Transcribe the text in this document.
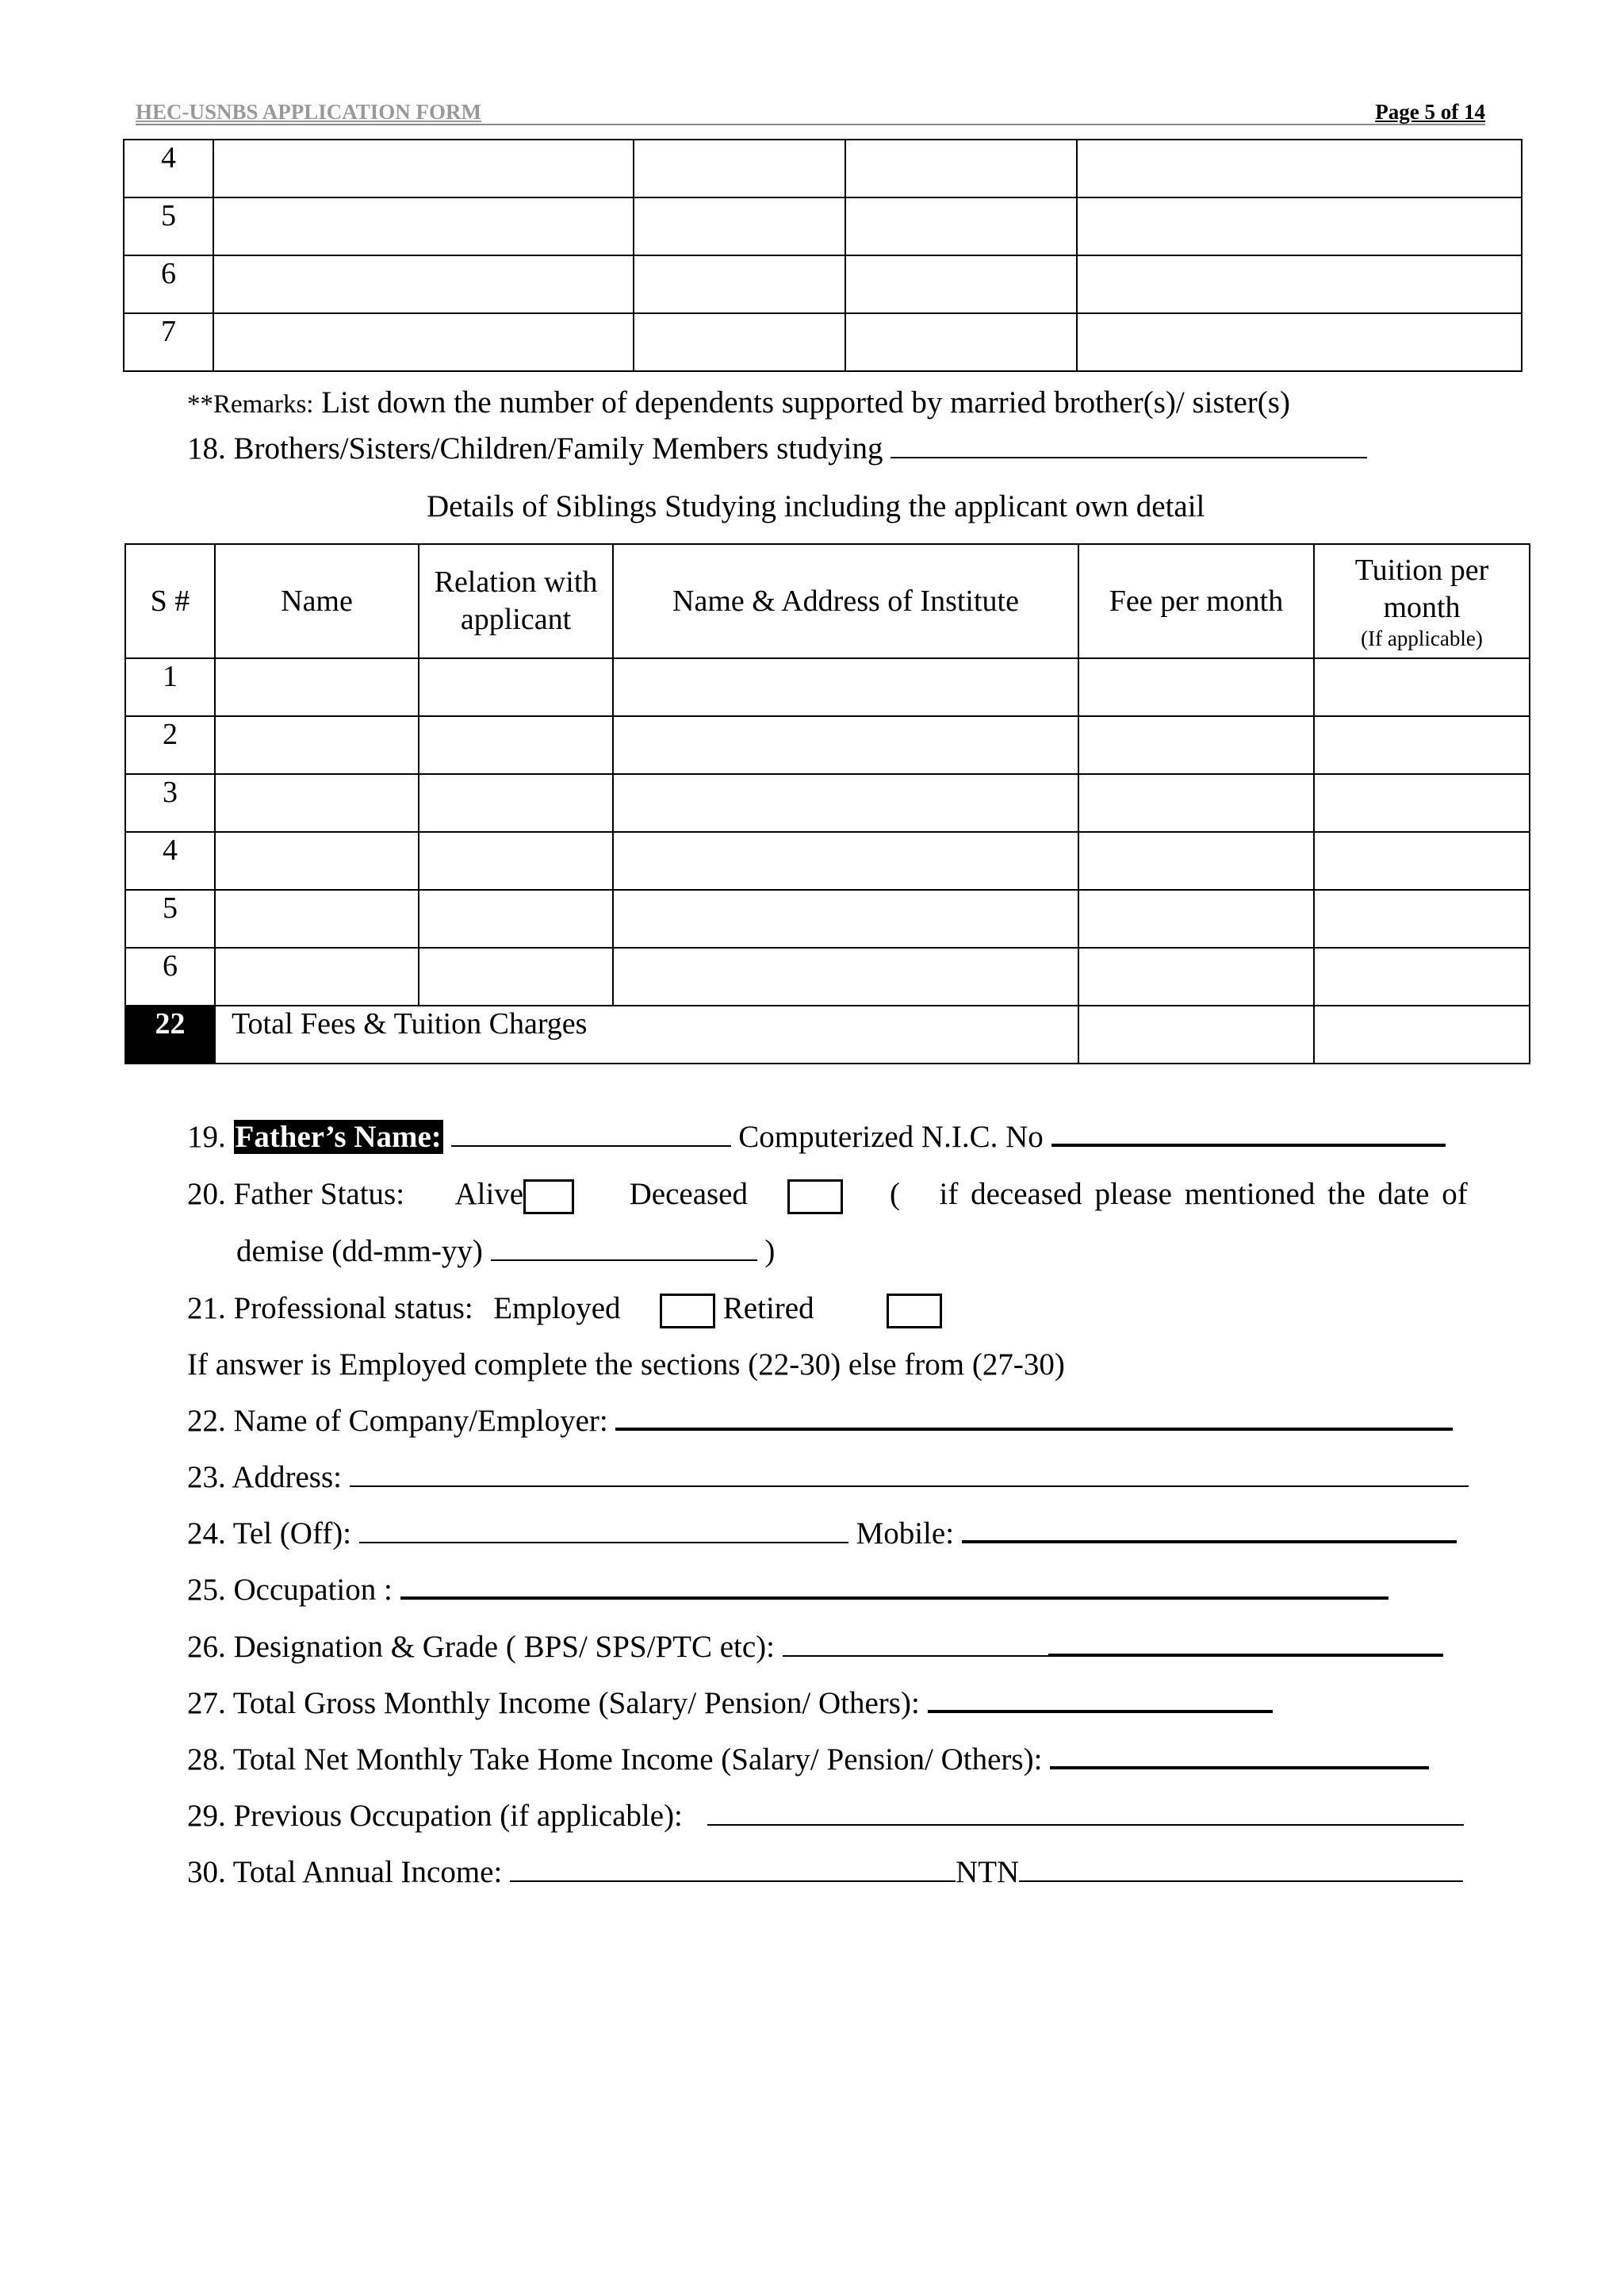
HEC-USNBS APPLICATION FORM	Page 5 of 14
4				
5				
6				
7				
**Remarks: List down the number of dependents supported by married brother(s)/ sister(s)
18. Brothers/Sisters/Children/Family Members studying
Details of Siblings Studying including the applicant own detail
S #	Name	Relation with applicant	Name & Address of Institute	Fee per month	Tuition per month
(If applicable)

1					
2					
3					
4					
5					
6					
22	Total Fees & Tuition Charges				
19. Father’s Name:	Computerized N.I.C. No
20. Father Status: Alive	Deceased	( if deceased please mentioned the date of
demise (dd-mm-yy)	)
21. Professional status: Employed	Retired
If answer is Employed complete the sections (22-30) else from (27-30)
22. Name of Company/Employer:
23. Address:
24. Tel (Off):	Mobile:
25. Occupation :
26. Designation & Grade ( BPS/ SPS/PTC etc):
27. Total Gross Monthly Income (Salary/ Pension/ Others):
28. Total Net Monthly Take Home Income (Salary/ Pension/ Others):
29. Previous Occupation (if applicable):
30. Total Annual Income:	NTN
